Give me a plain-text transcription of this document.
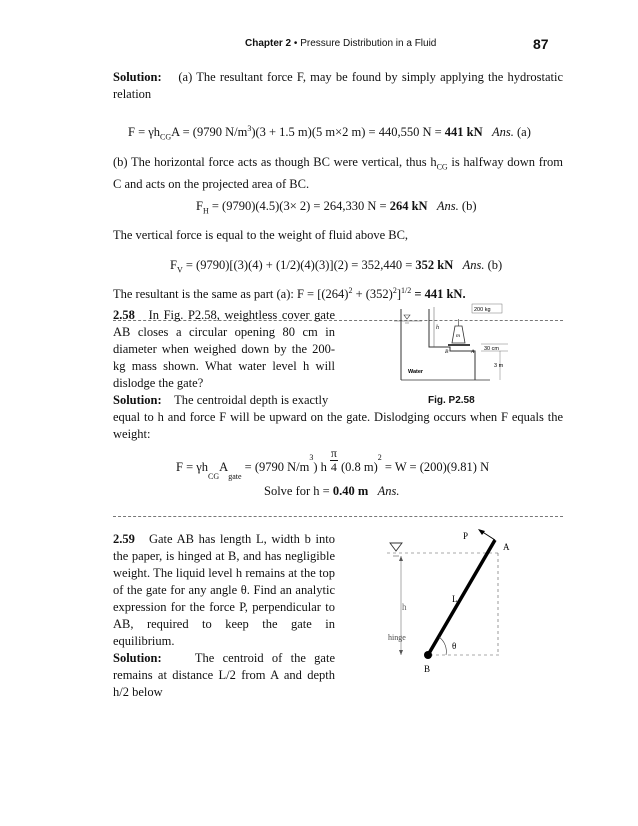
Chapter 2 • Pressure Distribution in a Fluid	87
Solution: (a) The resultant force F, may be found by simply applying the hydrostatic relation
$F = \gamma h_{CG}A = (9790$ $N/m^3)(3 + 1.5$ m)(5 m×2 m) = 440,550 N = 441 kN Ans. (a)
(b) The horizontal force acts as though BC were vertical, thus $h_{CG}$ is halfway down from C and acts on the projected area of BC.
$F_H = (9790)(4.5)(3\times 2) = 264,330$ N = 264 kN Ans. (b)
The vertical force is equal to the weight of fluid above BC,
$F_V = (9790)[(3)(4) + (1/2)(4)(3)](2) = 352,440 = 352$ kN Ans. (b)
The resultant is the same as part (a): $F = [(264)^2 + (352)^2]^{1/2} = 441$ kN.
2.58 In Fig. P2.58, weightless cover gate AB closes a circular opening 80 cm in diameter when weighed down by the 200-kg mass shown. What water level h will dislodge the gate?
h
m
200 kg
B	A 30 cm
3 m
Water
Solution: The centroidal depth is exactly	Fig. P2.58
equal to h and force F will be upward on the gate. Dislodging occurs when F equals the weight:
$F = \gamma h_{CG}A_{gate} = (9790$ $N/m^3$) h $\frac{\pi}{4} (0.8$ m)$^2$ = W = (200)(9.81) N
Solve for h = 0.40 m Ans.
2.59 Gate AB has length L, width b into the paper, is hinged at B, and has negligible weight. The liquid level h remains at the top of the gate for any angle θ. Find an analytic expression for the force P, perpendicular to AB, required to keep the gate in equilibrium.
Solution:	The centroid of the gate remains at distance L/2 from A and depth h/2 below
h
P
A
L
hinge
θ
B
